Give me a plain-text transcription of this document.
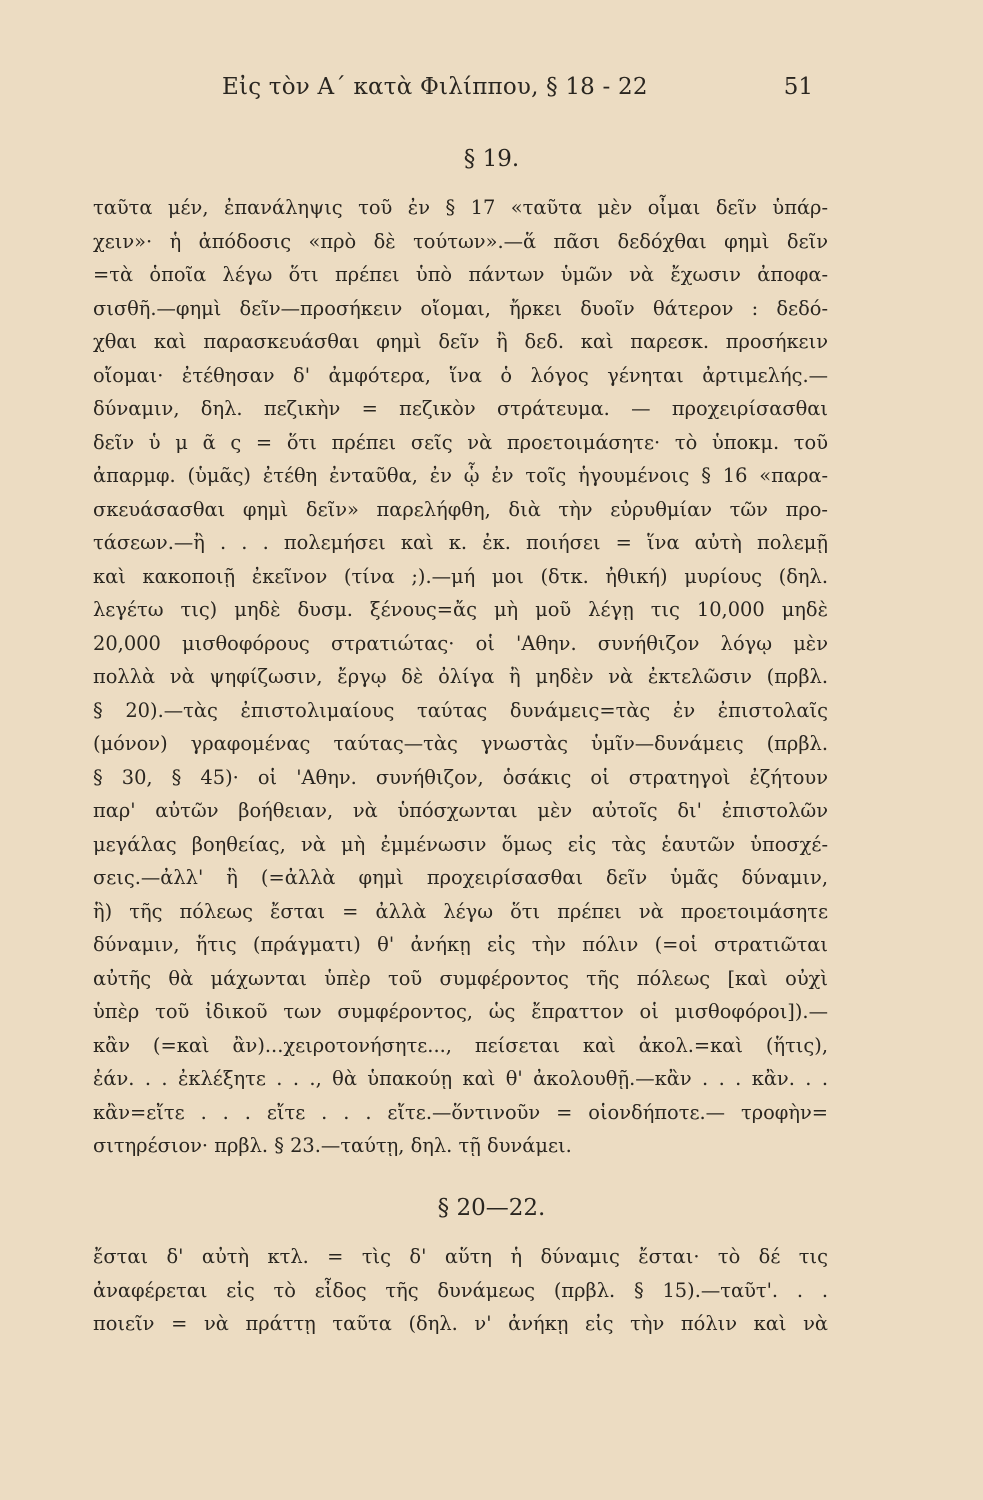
Εἰς τὸν Α΄ κατὰ Φιλίππου, § 18 - 22	51
§ 19.
ταῦτα μέν, ἐπανάληψις τοῦ ἐν § 17 «ταῦτα μὲν οἶμαι δεῖν ὑπάρ-
χειν»· ἡ ἀπόδοσις «πρὸ δὲ τούτων».—ἅ πᾶσι δεδόχθαι φημὶ δεῖν
=τὰ ὁποῖα λέγω ὅτι πρέπει ὑπὸ πάντων ὑμῶν νὰ ἔχωσιν ἀποφα-
σισθῆ.—φημὶ δεῖν—προσήκειν οἴομαι, ἤρκει δυοῖν θάτερον : δεδό-
χθαι καὶ παρασκευάσθαι φημὶ δεῖν ἢ δεδ. καὶ παρεσκ. προσήκειν
οἴομαι· ἐτέθησαν δ' ἀμφότερα, ἵνα ὁ λόγος γένηται ἀρτιμελής.—
δύναμιν, δηλ. πεζικὴν = πεζικὸν στράτευμα. — προχειρίσασθαι
δεῖν ὑ μ ᾶ ς = ὅτι πρέπει σεῖς νὰ προετοιμάσητε· τὸ ὑποκμ. τοῦ
ἀπαρμφ. (ὑμᾶς) ἐτέθη ἐνταῦθα, ἐν ᾧ ἐν τοῖς ἡγουμένοις § 16 «παρα-
σκευάσασθαι φημὶ δεῖν» παρελήφθη, διὰ τὴν εὐρυθμίαν τῶν προ-
τάσεων.—ἢ . . . πολεμήσει καὶ κ. ἐκ. ποιήσει = ἵνα αὐτὴ πολεμῇ
καὶ κακοποιῇ ἐκεῖνον (τίνα ;).—μή μοι (δτκ. ἠθική) μυρίους (δηλ.
λεγέτω τις) μηδὲ δυσμ. ξένους=ἄς μὴ μοῦ λέγῃ τις 10,000 μηδὲ
20,000 μισθοφόρους στρατιώτας· οἱ 'Αθην. συνήθιζον λόγῳ μὲν
πολλὰ νὰ ψηφίζωσιν, ἔργῳ δὲ ὀλίγα ἢ μηδὲν νὰ ἐκτελῶσιν (πρβλ.
§ 20).—τὰς ἐπιστολιμαίους ταύτας δυνάμεις=τὰς ἐν ἐπιστολαῖς
(μόνον) γραφομένας ταύτας—τὰς γνωστὰς ὑμῖν—δυνάμεις (πρβλ.
§ 30, § 45)· οἱ 'Αθην. συνήθιζον, ὁσάκις οἱ στρατηγοὶ ἐζήτουν
παρ' αὐτῶν βοήθειαν, νὰ ὑπόσχωνται μὲν αὐτοῖς δι' ἐπιστολῶν
μεγάλας βοηθείας, νὰ μὴ ἐμμένωσιν ὅμως εἰς τὰς ἑαυτῶν ὑποσχέ-
σεις.—ἀλλ' ἣ (=ἀλλὰ φημὶ προχειρίσασθαι δεῖν ὑμᾶς δύναμιν,
ἣ) τῆς πόλεως ἔσται = ἀλλὰ λέγω ὅτι πρέπει νὰ προετοιμάσητε
δύναμιν, ἥτις (πράγματι) θ' ἀνήκῃ εἰς τὴν πόλιν (=οἱ στρατιῶται
αὐτῆς θὰ μάχωνται ὑπὲρ τοῦ συμφέροντος τῆς πόλεως [καὶ οὐχὶ
ὑπὲρ τοῦ ἰδικοῦ των συμφέροντος, ὡς ἔπραττον οἱ μισθοφόροι]).—
κἂν (=καὶ ἂν)...χειροτονήσητε..., πείσεται καὶ ἀκολ.=καὶ (ἥτις),
ἐάν. . . ἐκλέξητε . . ., θὰ ὑπακούῃ καὶ θ' ἀκολουθῇ.—κἂν . . . κἂν. . .
κἂν=εἴτε . . . εἴτε . . . εἴτε.—ὅντινοῦν = οἱονδήποτε.— τροφὴν=
σιτηρέσιον· πρβλ. § 23.—ταύτῃ, δηλ. τῇ δυνάμει.
§ 20—22.
ἔσται δ' αὐτὴ κτλ. = τὶς δ' αὕτη ἡ δύναμις ἔσται· τὸ δέ τις
ἀναφέρεται εἰς τὸ εἶδος τῆς δυνάμεως (πρβλ. § 15).—ταῦτ'. . .
ποιεῖν = νὰ πράττῃ ταῦτα (δηλ. ν' ἀνήκῃ εἰς τὴν πόλιν καὶ νὰ
